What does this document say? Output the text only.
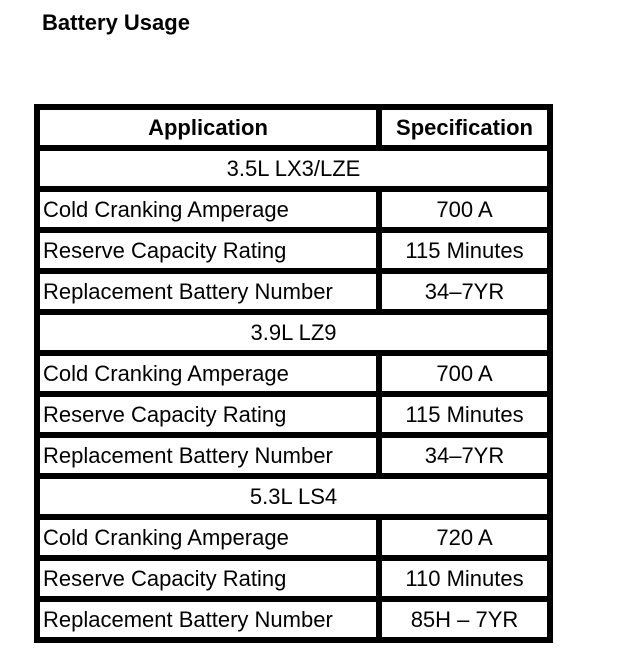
Battery Usage
Application	Specification
3.5L LX3/LZE	
Cold Cranking Amperage	700 A
Reserve Capacity Rating	115 Minutes
Replacement Battery Number	34–7YR
3.9L LZ9	
Cold Cranking Amperage	700 A
Reserve Capacity Rating	115 Minutes
Replacement Battery Number	34–7YR
5.3L LS4	
Cold Cranking Amperage	720 A
Reserve Capacity Rating	110 Minutes
Replacement Battery Number	85H – 7YR
